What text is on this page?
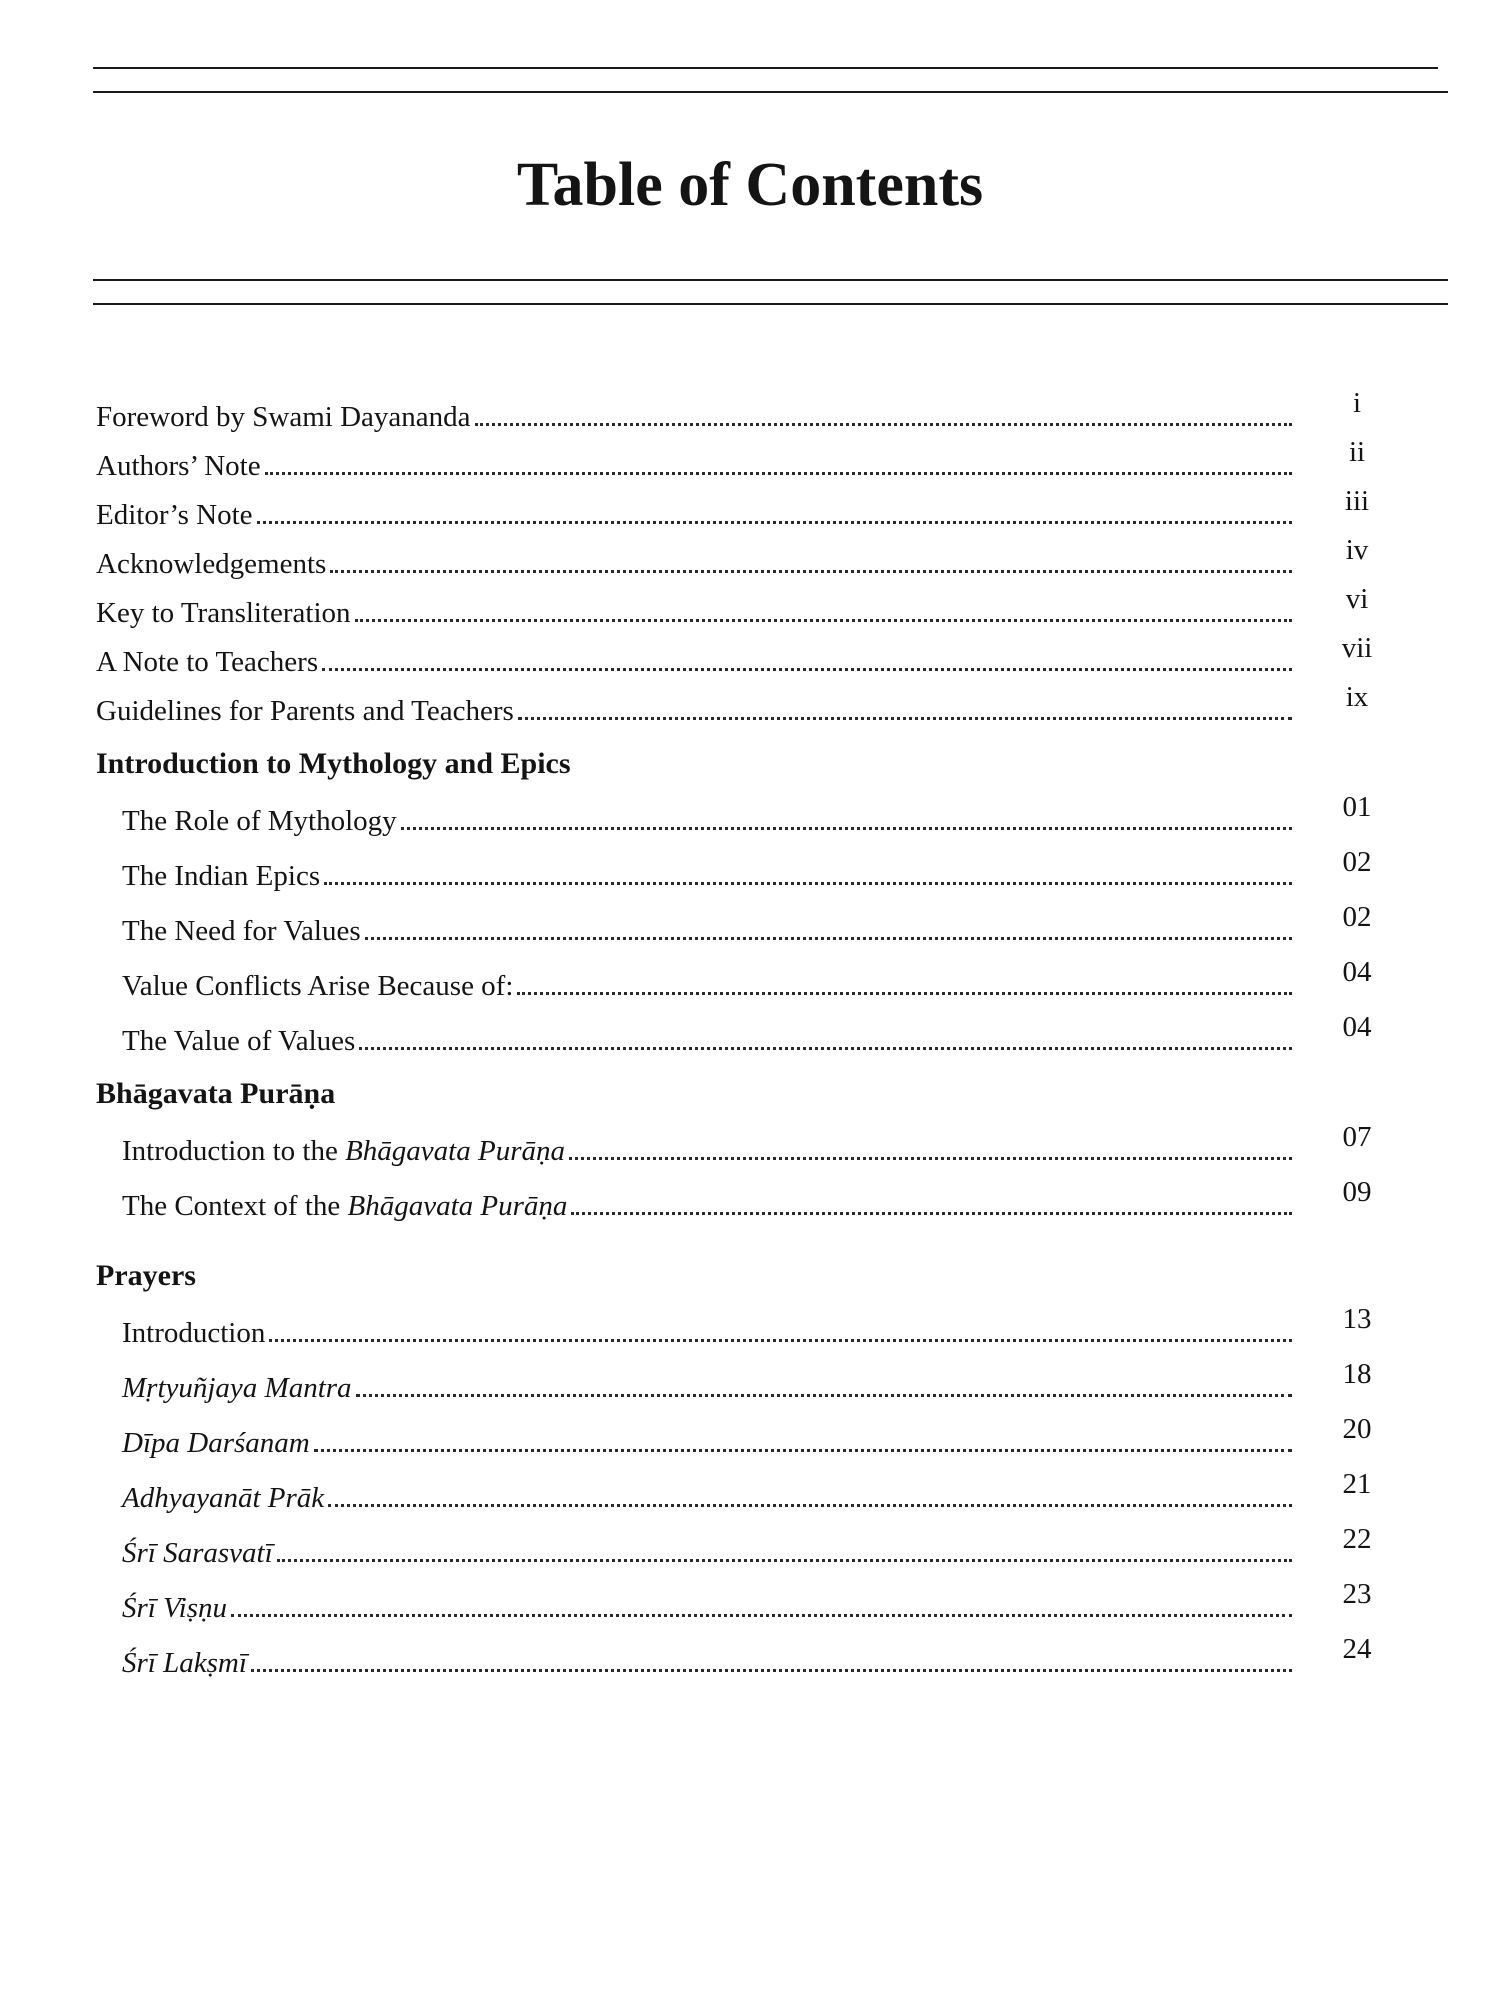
Table of Contents
Foreword by Swami Dayananda	i
Authors’ Note	ii
Editor’s Note	iii
Acknowledgements	iv
Key to Transliteration	vi
A Note to Teachers	vii
Guidelines for Parents and Teachers	ix
Introduction to Mythology and Epics
The Role of Mythology	01
The Indian Epics	02
The Need for Values	02
Value Conflicts Arise Because of:	04
The Value of Values	04
Bhāgavata Purāṇa
Introduction to the Bhāgavata Purāṇa	07
The Context of the Bhāgavata Purāṇa	09
Prayers
Introduction	13
Mṛtyuñjaya Mantra	18
Dīpa Darśanam	20
Adhyayanāt Prāk	21
Śrī Sarasvatī	22
Śrī Viṣṇu	23
Śrī Lakṣmī	24
